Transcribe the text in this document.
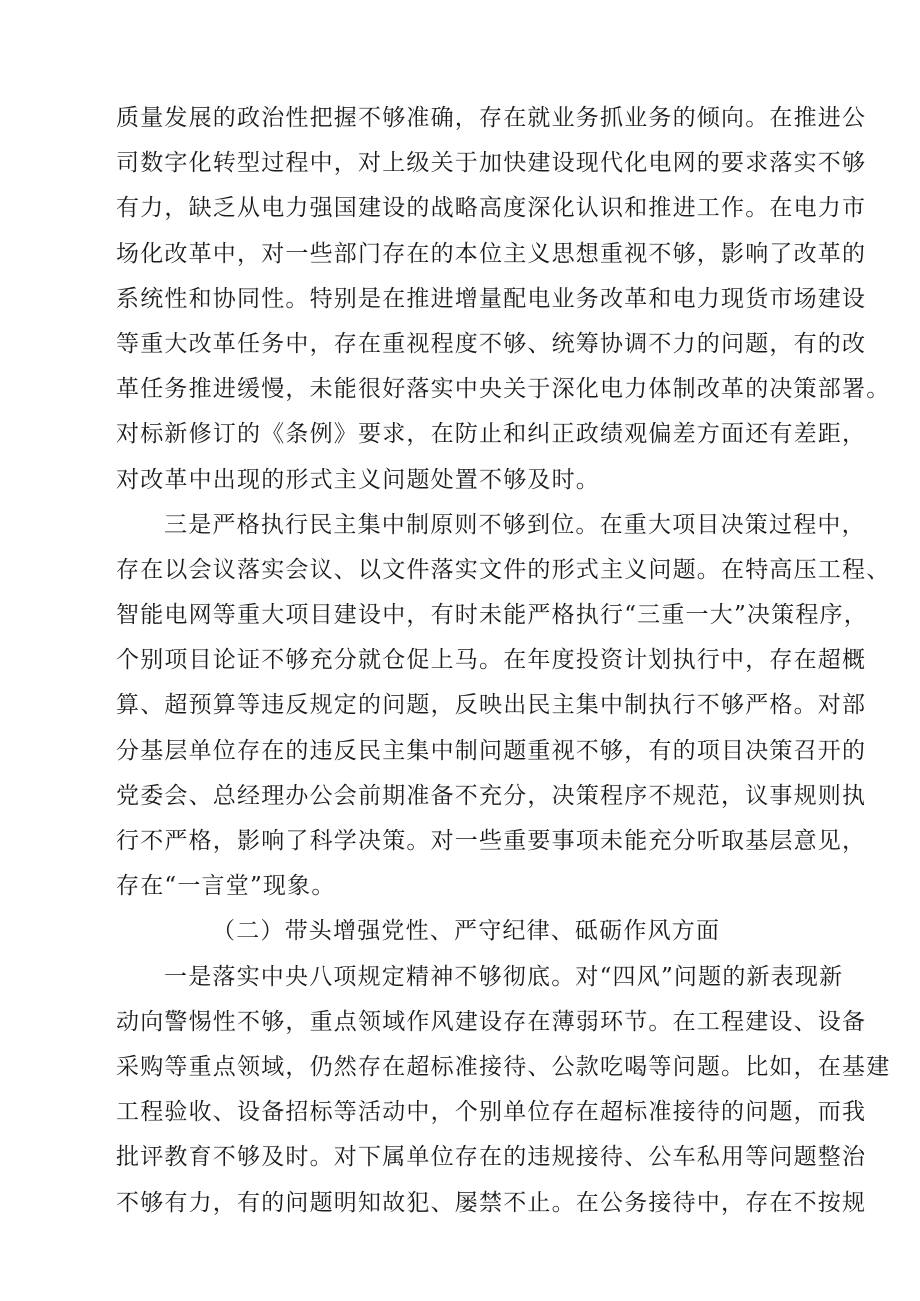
质量发展的政治性把握不够准确，存在就业务抓业务的倾向。在推进公
司数字化转型过程中，对上级关于加快建设现代化电网的要求落实不够
有力，缺乏从电力强国建设的战略高度深化认识和推进工作。在电力市
场化改革中，对一些部门存在的本位主义思想重视不够，影响了改革的
系统性和协同性。特别是在推进增量配电业务改革和电力现货市场建设
等重大改革任务中，存在重视程度不够、统筹协调不力的问题，有的改
革任务推进缓慢，未能很好落实中央关于深化电力体制改革的决策部署。
对标新修订的《条例》要求，在防止和纠正政绩观偏差方面还有差距，
对改革中出现的形式主义问题处置不够及时。
三是严格执行民主集中制原则不够到位。在重大项目决策过程中，
存在以会议落实会议、以文件落实文件的形式主义问题。在特高压工程、
智能电网等重大项目建设中，有时未能严格执行“三重一大”决策程序，
个别项目论证不够充分就仓促上马。在年度投资计划执行中，存在超概
算、超预算等违反规定的问题，反映出民主集中制执行不够严格。对部
分基层单位存在的违反民主集中制问题重视不够，有的项目决策召开的
党委会、总经理办公会前期准备不充分，决策程序不规范，议事规则执
行不严格，影响了科学决策。对一些重要事项未能充分听取基层意见，
存在“一言堂”现象。
（二）带头增强党性、严守纪律、砥砺作风方面
一是落实中央八项规定精神不够彻底。对“四风”问题的新表现新
动向警惕性不够，重点领域作风建设存在薄弱环节。在工程建设、设备
采购等重点领域，仍然存在超标准接待、公款吃喝等问题。比如，在基建
工程验收、设备招标等活动中，个别单位存在超标准接待的问题，而我
批评教育不够及时。对下属单位存在的违规接待、公车私用等问题整治
不够有力，有的问题明知故犯、屡禁不止。在公务接待中，存在不按规
